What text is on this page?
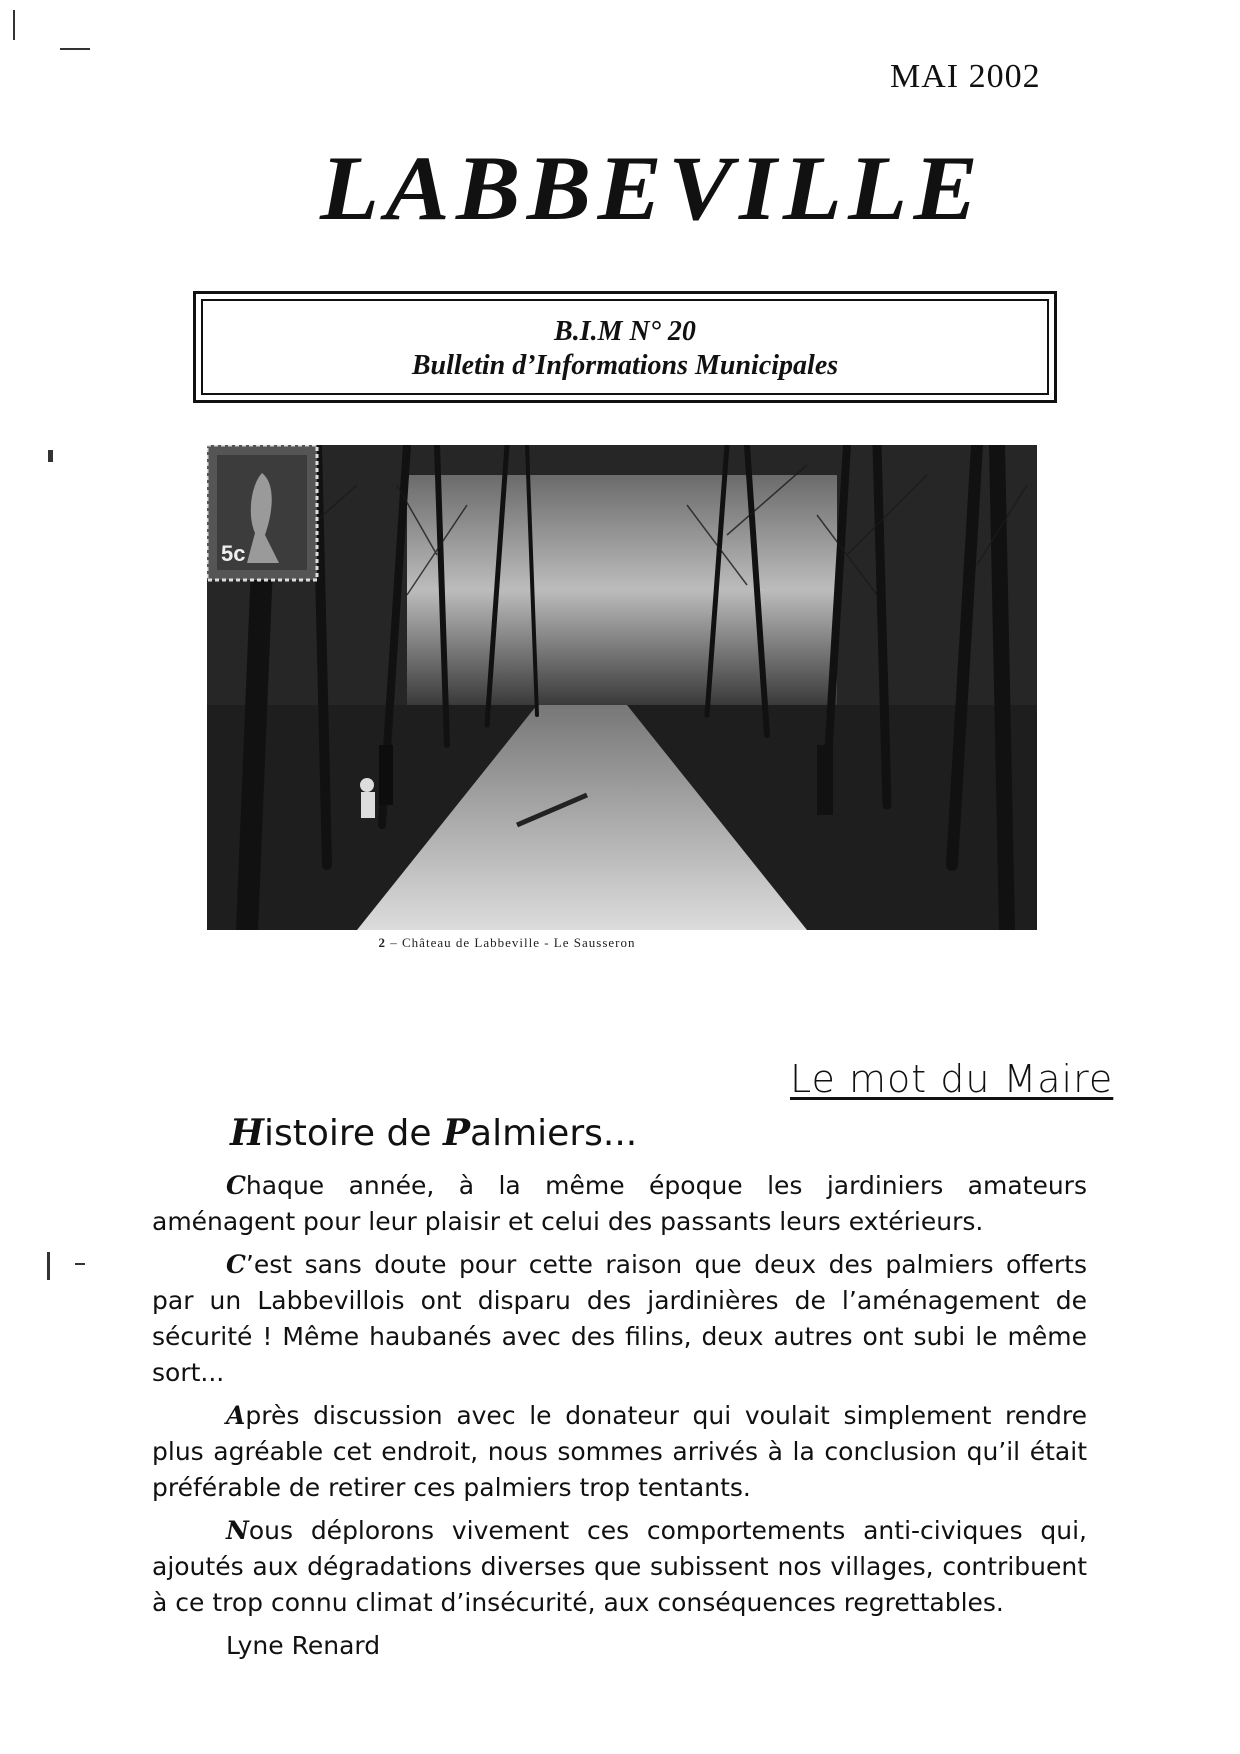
MAI 2002
LABBEVILLE
B.I.M N° 20
Bulletin d’Informations Municipales
5c
2 – Château de Labbeville - Le Sausseron
Le mot du Maire
Histoire de Palmiers...

Chaque année, à la même époque les jardiniers amateurs aménagent pour leur plaisir et celui des passants leurs extérieurs.

C’est sans doute pour cette raison que deux des palmiers offerts par un Labbevillois ont disparu des jardinières de l’aménagement de sécurité ! Même haubanés avec des filins, deux autres ont subi le même sort...

Après discussion avec le donateur qui voulait simplement rendre plus agréable cet endroit, nous sommes arrivés à la conclusion qu’il était préférable de retirer ces palmiers trop tentants.

Nous déplorons vivement ces comportements anti-civiques qui, ajoutés aux dégradations diverses que subissent nos villages, contribuent à ce trop connu climat d’insécurité, aux conséquences regrettables.

Lyne Renard
